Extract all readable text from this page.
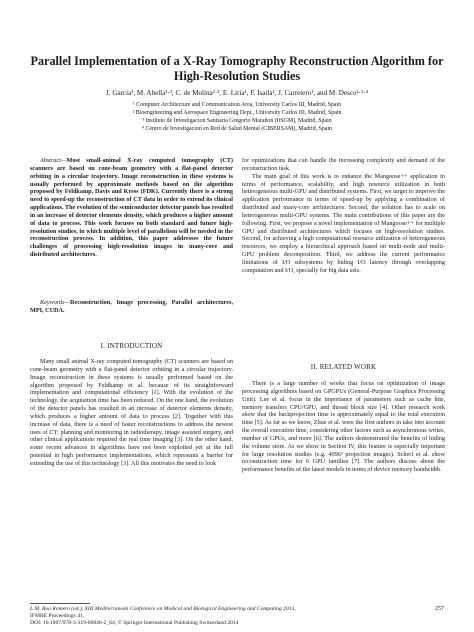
Parallel Implementation of a X-Ray Tomography Reconstruction Algorithm for High-Resolution Studies
J. Garcia¹, M. Abella²·³, C. de Molina²·³, E. Liria¹, F. Isaila¹, J. Carretero¹, and M. Desco²·³·⁴
¹ Computer Architecture and Communication Area, University Carlos III, Madrid, Spain
² Bioengineering and Aerospace Engineering Dept., University Carlos III, Madrid, Spain
³ Instituto de Investigacion Sanitaria Gregorio Marañon (IiSGM), Madrid, Spain
⁴ Centro de Investigacion en Red de Salud Mental (CIBERSAM), Madrid, Spain

Abstract—Most small-animal X-ray computed tomography (CT) scanners are based on cone-beam geometry with a flat-panel detector orbiting in a circular trajectory. Image reconstruction in these systems is usually performed by approximate methods based on the algorithm proposed by Feldkamp, Davis and Kress (FDK). Currently there is a strong need to speed-up the reconstruction of CT data in order to extend its clinical applications. The evolution of the semiconductor detector panels has resulted in an increase of detector elements density, which produces a higher amount of data to process. This work focuses on both standard and future high-resolution studies, in which multiple level of parallelism will be needed in the reconstruction process. In addition, this paper addresses the future challenges of processing high-resolution images in many-core and distributed architectures.

Keywords—Reconstruction, Image processing, Parallel architectures, MPI, CUDA.

I. INTRODUCTION

Many small animal X-ray computed tomography (CT) scanners are based on cone-beam geometry with a flat-panel detector orbiting in a circular trajectory. Image reconstruction in these systems is usually performed based on the algorithm proposed by Feldkamp et al. because of its straightforward implementation and computational efficiency [1]. With the evolution of the technology, the acquisition time has been reduced. On the one hand, the evolution of the detector panels has resulted in an increase of detector elements density, which produces a higher amount of data to process [2]. Together with this increase of data, there is a need of faster reconstructions to address the newest uses of CT: planning and monitoring in radiotherapy, image assisted surgery, and other clinical applications required the real time imaging [3]. On the other hand, some recent advances in algorithms have not been exploited yet at the full potential in high performance implementations, which represents a barrier for extending the use of this technology [3]. All this motivates the need to look

for optimizations that can handle the increasing complexity and demand of the reconstruction task.

The main goal of this work is to enhance the Mangoose++ application in terms of performance, scalability, and high resource utilization in both heterogeneous multi-GPU and distributed systems. First, we target to improve the application performance in terms of speed-up by applying a combination of distributed and many-core architectures. Second, the solution has to scale on heterogeneous multi-GPU systems. The main contributions of this paper are the following. First, we propose a novel implementation of Mangoose++ for multiple GPU and distributed architectures which focuses on high-resolution studies. Second, for achieving a high computational resource utilization of heterogeneous resources, we employ a hierarchical approach based on multi-node and multi-GPU problem decomposition. Third, we address the current performance limitations of I/O subsystems by hiding I/O latency through overlapping computation and I/O, specially for big data sets.

II. RELATED WORK

There is a large number of works that focus on optimization of image processing algorithms based on GPGPUs (General-Purpose Graphics Processing Unit). Lee et al. focus in the importance of parameters such as cache hits, memory transfers CPU/GPU, and thread block size [4]. Other research work show that the backprojection time is approximately equal to the total execution time [5]. As far as we know, Zhue et al. were the first authors in take into account the overall execution time, considering other factors such as asynchronous writes, number of GPUs, and more [6]. The authors demonstrated the benefits of hiding the volume store. As we show in Section IV, this feature is especially important for large resolution studies (e.g. 4096³ projection images). Scherl et al. show reconstruction time for 6 GPU families [7]. The authors discuss about the performance benefits of the latest models in terms of device memory bandwidth.

L.M. Roa Romero (ed.), XIII Mediterranean Conference on Medical and Biological Engineering and Computing 2013,
IFMBE Proceedings 41,
DOI: 10.1007/978-3-319-00846-2_64, © Springer International Publishing Switzerland 2014
257
